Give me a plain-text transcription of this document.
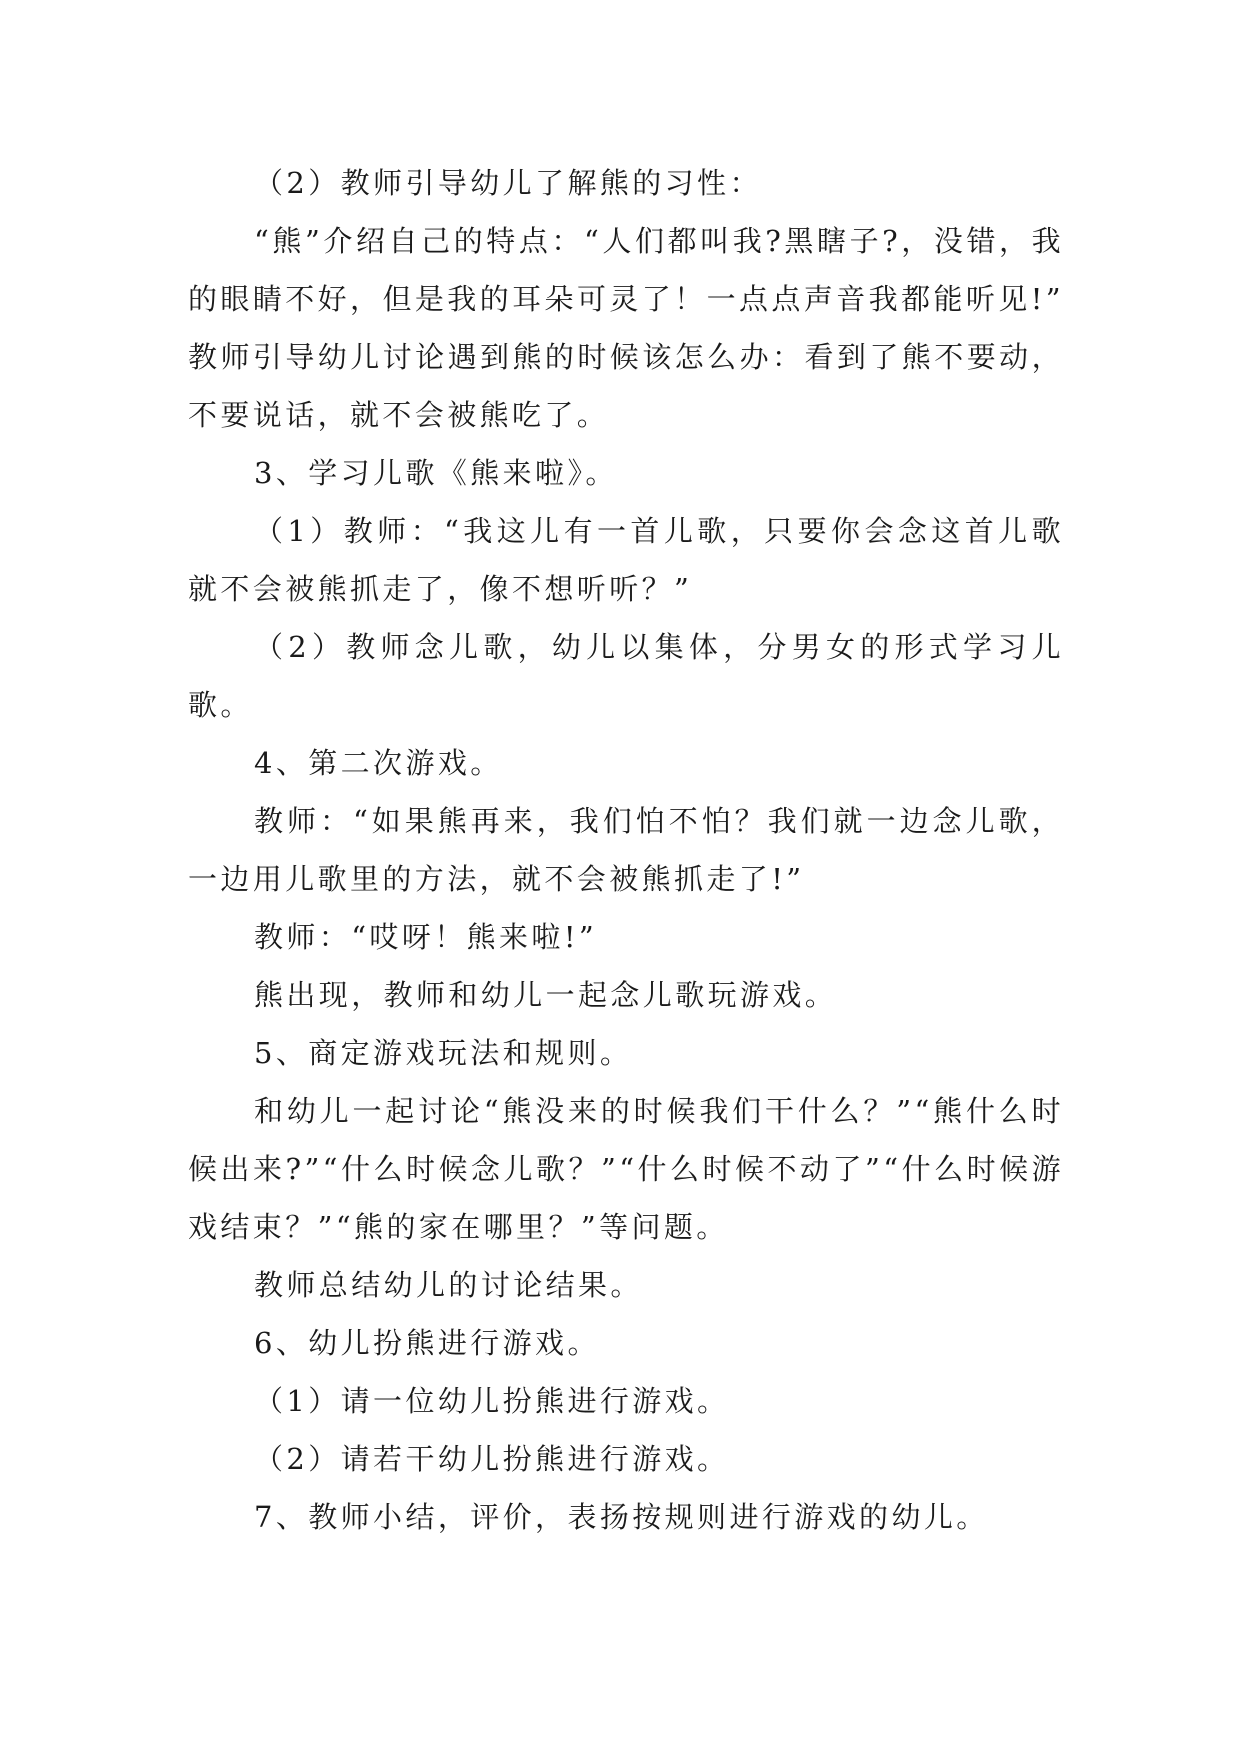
（2）教师引导幼儿了解熊的习性：

“熊”介绍自己的特点：“人们都叫我?黑瞎子?，没错，我的眼睛不好，但是我的耳朵可灵了！一点点声音我都能听见!” 教师引导幼儿讨论遇到熊的时候该怎么办：看到了熊不要动，不要说话，就不会被熊吃了。

3、学习儿歌《熊来啦》。

（1）教师：“我这儿有一首儿歌，只要你会念这首儿歌就不会被熊抓走了，像不想听听？”

（2）教师念儿歌，幼儿以集体，分男女的形式学习儿歌。

4、第二次游戏。

教师：“如果熊再来，我们怕不怕？我们就一边念儿歌，一边用儿歌里的方法，就不会被熊抓走了!”

教师：“哎呀！熊来啦!”

熊出现，教师和幼儿一起念儿歌玩游戏。

5、商定游戏玩法和规则。

和幼儿一起讨论“熊没来的时候我们干什么？”“熊什么时候出来?”“什么时候念儿歌？”“什么时候不动了”“什么时候游戏结束？”“熊的家在哪里？”等问题。

教师总结幼儿的讨论结果。

6、幼儿扮熊进行游戏。

（1）请一位幼儿扮熊进行游戏。

（2）请若干幼儿扮熊进行游戏。

7、教师小结，评价，表扬按规则进行游戏的幼儿。
